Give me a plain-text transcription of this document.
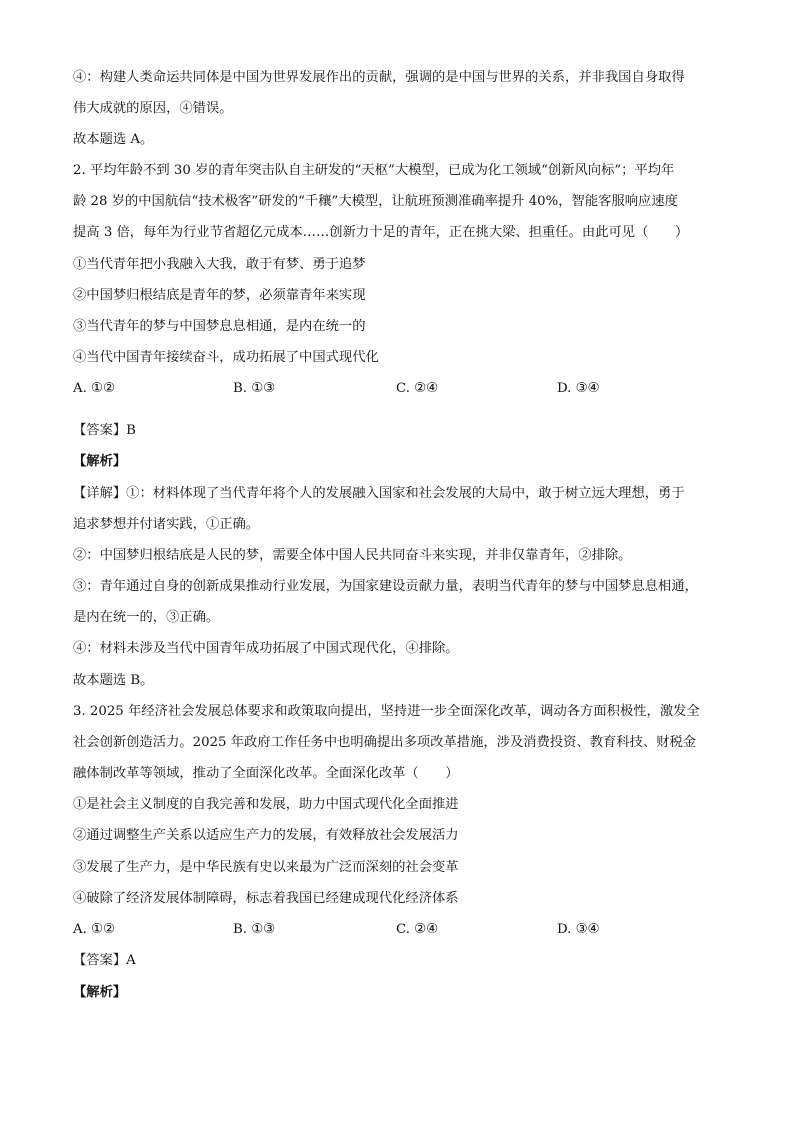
④：构建人类命运共同体是中国为世界发展作出的贡献，强调的是中国与世界的关系，并非我国自身取得
伟大成就的原因，④错误。
故本题选 A。
2. 平均年龄不到 30 岁的青年突击队自主研发的“天枢”大模型，已成为化工领域“创新风向标”；平均年
龄 28 岁的中国航信“技术极客”研发的“千穰”大模型，让航班预测准确率提升 40%，智能客服响应速度
提高 3 倍，每年为行业节省超亿元成本……创新力十足的青年，正在挑大梁、担重任。由此可见（　　）
①当代青年把小我融入大我，敢于有梦、勇于追梦
②中国梦归根结底是青年的梦，必须靠青年来实现
③当代青年的梦与中国梦息息相通，是内在统一的
④当代中国青年接续奋斗，成功拓展了中国式现代化
A. ①②	B. ①③	C. ②④	D. ③④
【答案】B
【解析】
【详解】①：材料体现了当代青年将个人的发展融入国家和社会发展的大局中，敢于树立远大理想，勇于
追求梦想并付诸实践，①正确。
②：中国梦归根结底是人民的梦，需要全体中国人民共同奋斗来实现，并非仅靠青年，②排除。
③：青年通过自身的创新成果推动行业发展，为国家建设贡献力量，表明当代青年的梦与中国梦息息相通，
是内在统一的，③正确。
④：材料未涉及当代中国青年成功拓展了中国式现代化，④排除。
故本题选 B。
3. 2025 年经济社会发展总体要求和政策取向提出，坚持进一步全面深化改革，调动各方面积极性，激发全
社会创新创造活力。2025 年政府工作任务中也明确提出多项改革措施，涉及消费投资、教育科技、财税金
融体制改革等领域，推动了全面深化改革。全面深化改革（　　）
①是社会主义制度的自我完善和发展，助力中国式现代化全面推进
②通过调整生产关系以适应生产力的发展，有效释放社会发展活力
③发展了生产力，是中华民族有史以来最为广泛而深刻的社会变革
④破除了经济发展体制障碍，标志着我国已经建成现代化经济体系
A. ①②	B. ①③	C. ②④	D. ③④
【答案】A
【解析】
